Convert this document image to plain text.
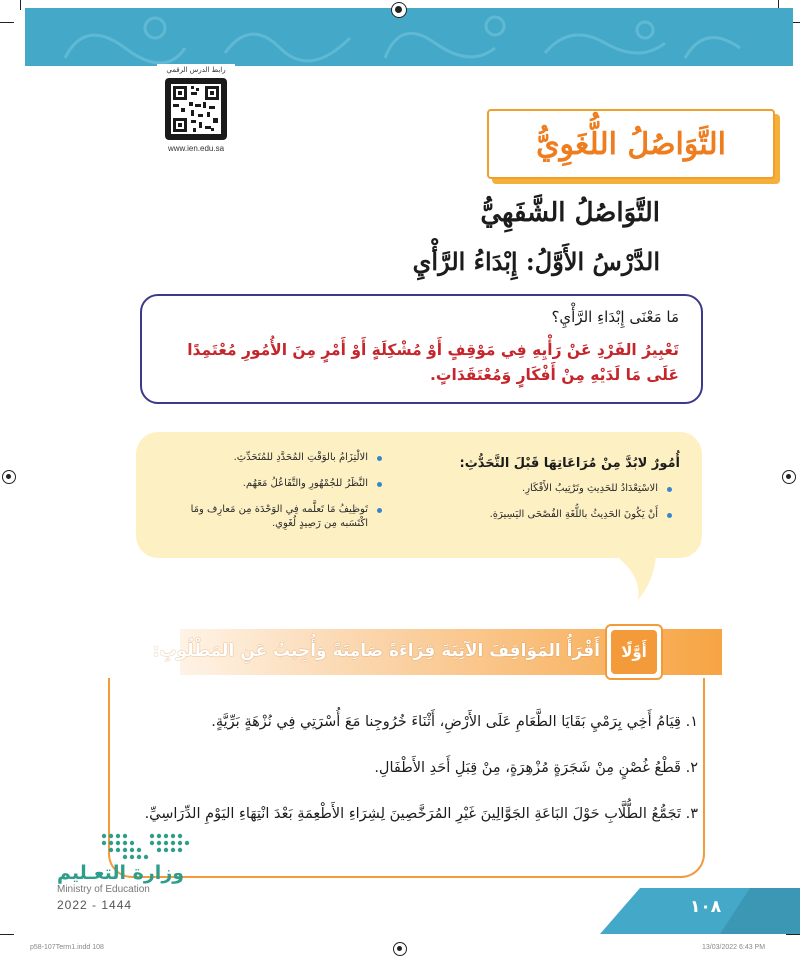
رابط الدرس الرقمي
www.ien.edu.sa	التَّوَاصُلُ اللُّغَوِيُّ
التَّوَاصُلُ الشَّفَهِيُّ
الدَّرْسُ الأَوَّلُ: إِبْدَاءُ الرَّأْيِ
مَا مَعْنَى إِبْدَاءِ الرَّأْيِ؟
تَعْبِيرُ الفَرْدِ عَنْ رَأْيِهِ فِي مَوْقِفٍ أَوْ مُشْكِلَةٍ أَوْ أَمْرٍ مِنَ الأُمُورِ مُعْتَمِدًا عَلَى مَا لَدَيْهِ مِنْ أَفْكَارٍ وَمُعْتَقَدَاتٍ.
أُمُورٌ لابُدَّ مِنْ مُرَاعَاتِهَا قَبْلَ التَّحَدُّثِ:
الاسْتِعْدَادُ للحَدِيثِ وتَرْتِيبُ الأَفْكَارِ.
أَنْ يَكُونَ الحَدِيثُ باللُّغَةِ الفُصْحَى اليَسِيرَةِ.
الالْتِزَامُ بالوَقْتِ المُحَدَّدِ للمُتَحَدِّثِ.
النَّظَرُ للجُمْهُورِ والتَّفَاعُلُ مَعَهُم.
تَوظِيفُ مَا تَعلَّمه فِي الوَحْدَة مِن مَعارِف ومَا اكْتَسَبه مِن رَصِيدٍ لُغَوِي.
أَوَّلًا
أَقْرَأُ المَوَاقِفَ الآتِيَةَ قِرَاءَةً صَامِتَةً وَأُجِيبُ عَنِ المَطْلُوبِ:
١. قِيَامُ أَخِي بِرَمْيِ بَقَايَا الطَّعَامِ عَلَى الأَرْضِ، أَثْنَاءَ خُرُوجِنا مَعَ أُسْرَتِي فِي نُزْهَةٍ بَرِّيَّةٍ.
٢. قَطْعُ غُصْنٍ مِنْ شَجَرَةٍ مُزْهِرَةٍ، مِنْ قِبَلِ أَحَدِ الأَطْفَالِ.
٣. تَجَمُّعُ الطُّلَّابِ حَوْلَ البَاعَةِ الجَوَّالِينَ غَيْرِ المُرَخَّصِينَ لِشِرَاءِ الأَطْعِمَةِ بَعْدَ انْتِهَاءِ اليَوْمِ الدِّرَاسِيِّ.
وزارة التعـليم
Ministry of Education
2022 - 1444	١٠٨
p58-107Term1.indd 108	13/03/2022 6:43 PM
